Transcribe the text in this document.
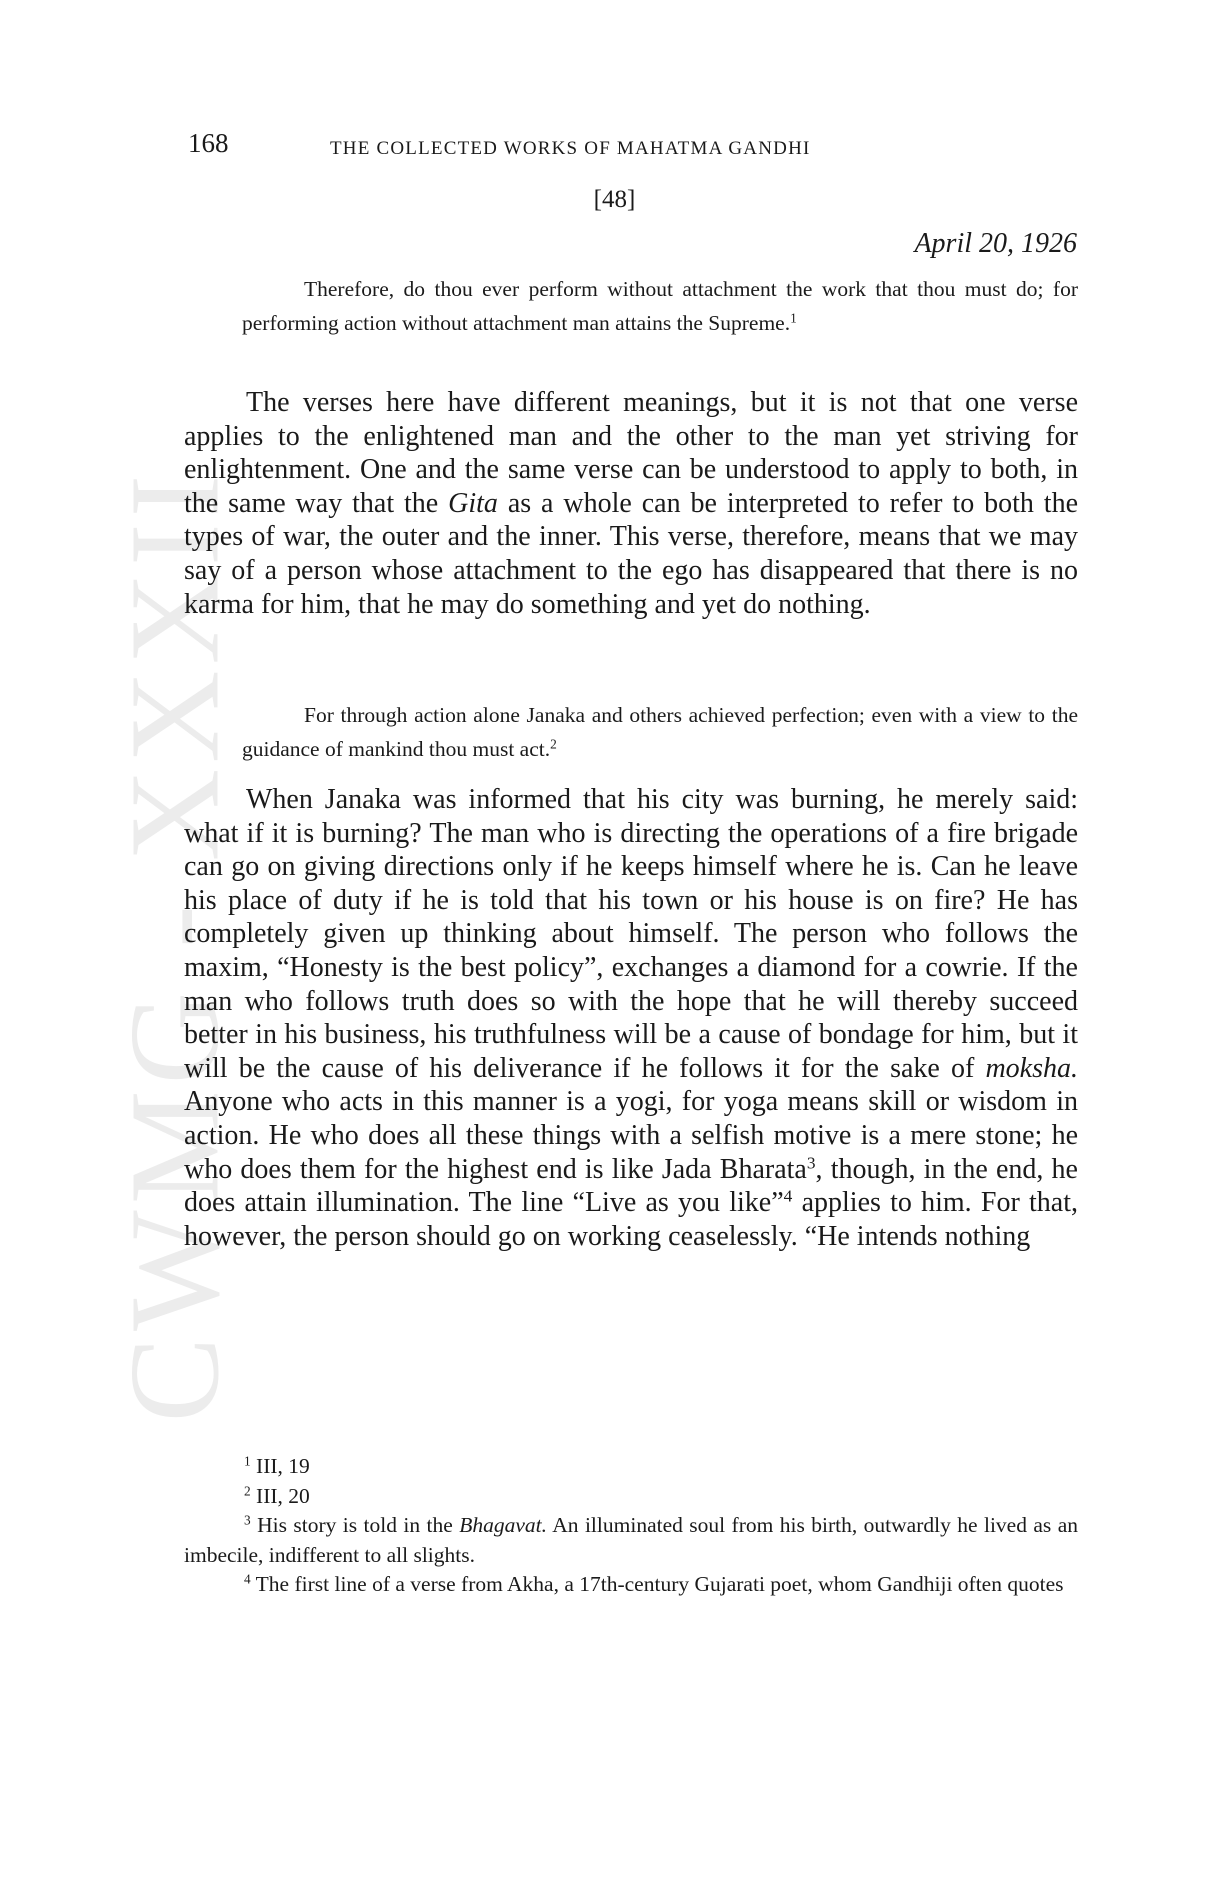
CWMG - XXXII
168	THE COLLECTED WORKS OF MAHATMA GANDHI
[48]
April 20, 1926

Therefore, do thou ever perform without attachment the work that thou must do; for performing action without attachment man attains the Supreme.$^1$

The verses here have different meanings, but it is not that one verse applies to the enlightened man and the other to the man yet striving for enlightenment. One and the same verse can be understood to apply to both, in the same way that the Gita as a whole can be interpreted to refer to both the types of war, the outer and the inner. This verse, therefore, means that we may say of a person whose attachment to the ego has disappeared that there is no karma for him, that he may do something and yet do nothing.

For through action alone Janaka and others achieved perfection; even with a view to the guidance of mankind thou must act.$^2$

When Janaka was informed that his city was burning, he merely said: what if it is burning? The man who is directing the operations of a fire brigade can go on giving directions only if he keeps himself where he is. Can he leave his place of duty if he is told that his town or his house is on fire? He has completely given up thinking about himself. The person who follows the maxim, “Honesty is the best policy”, exchanges a diamond for a cowrie. If the man who follows truth does so with the hope that he will thereby succeed better in his business, his truthfulness will be a cause of bondage for him, but it will be the cause of his deliverance if he follows it for the sake of moksha. Anyone who acts in this manner is a yogi, for yoga means skill or wisdom in action. He who does all these things with a selfish motive is a mere stone; he who does them for the highest end is like Jada Bharata$^3$, though, in the end, he does attain illumination. The line “Live as you like”$^4$ applies to him. For that, however, the person should go on working ceaselessly. “He intends nothing

$^1$ III, 19

$^2$ III, 20

$^3$ His story is told in the Bhagavat. An illuminated soul from his birth, outwardly he lived as an imbecile, indifferent to all slights.

$^4$ The first line of a verse from Akha, a 17th-century Gujarati poet, whom Gandhiji often quotes
